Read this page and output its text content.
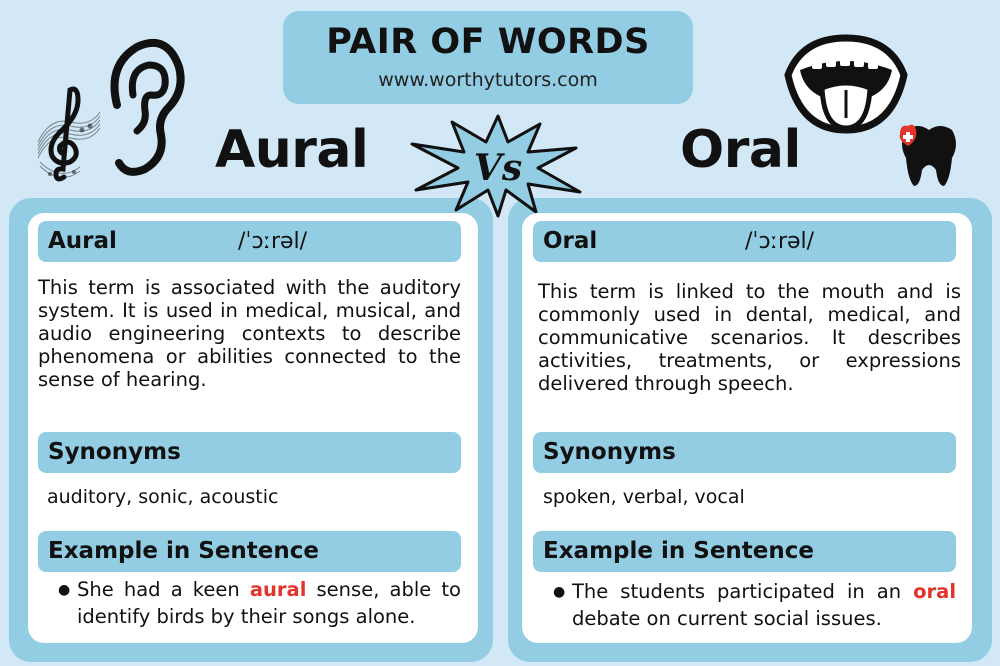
PAIR OF WORDS
www.worthytutors.com
Aural	Oral
Vs
Aural	/ˈɔːrəl/
This term is associated with the auditory system. It is used in medical, musical, and audio engineering contexts to describe phenomena or abilities connected to the sense of hearing.
Synonyms
auditory, sonic, acoustic
Example in Sentence
● She had a keen aural sense, able to identify birds by their songs alone.
Oral	/ˈɔːrəl/
This term is linked to the mouth and is commonly used in dental, medical, and communicative scenarios. It describes activities, treatments, or expressions delivered through speech.
Synonyms
spoken, verbal, vocal
Example in Sentence
● The students participated in an oral debate on current social issues.
